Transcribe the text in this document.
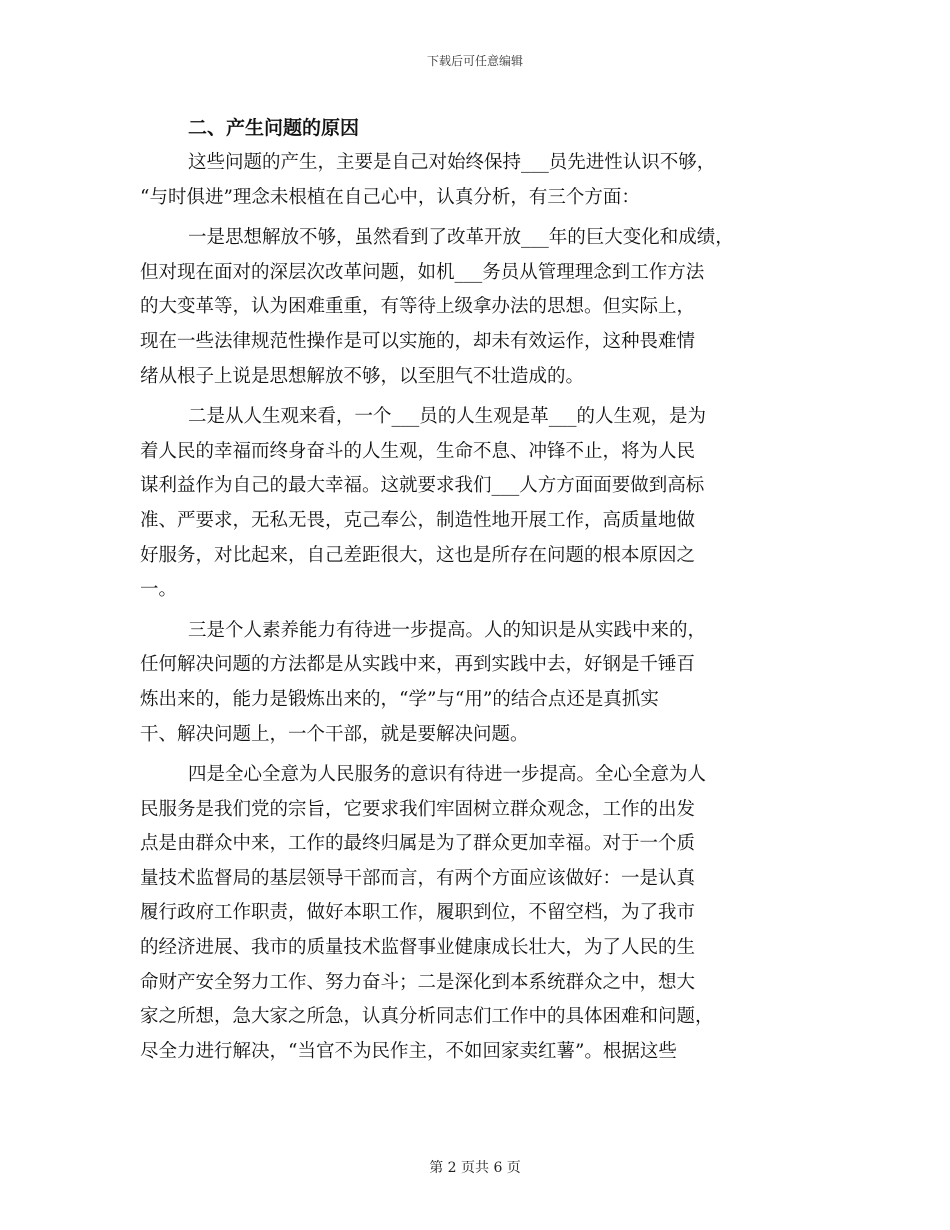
下载后可任意编辑
二、产生问题的原因
这些问题的产生，主要是自己对始终保持___员先进性认识不够，
“与时俱进”理念未根植在自己心中，认真分析，有三个方面：
一是思想解放不够，虽然看到了改革开放___年的巨大变化和成绩，
但对现在面对的深层次改革问题，如机___务员从管理理念到工作方法
的大变革等，认为困难重重，有等待上级拿办法的思想。但实际上，
现在一些法律规范性操作是可以实施的，却未有效运作，这种畏难情
绪从根子上说是思想解放不够，以至胆气不壮造成的。
二是从人生观来看，一个___员的人生观是革___的人生观，是为
着人民的幸福而终身奋斗的人生观，生命不息、冲锋不止，将为人民
谋利益作为自己的最大幸福。这就要求我们___人方方面面要做到高标
准、严要求，无私无畏，克己奉公，制造性地开展工作，高质量地做
好服务，对比起来，自己差距很大，这也是所存在问题的根本原因之
一。
三是个人素养能力有待进一步提高。人的知识是从实践中来的，
任何解决问题的方法都是从实践中来，再到实践中去，好钢是千锤百
炼出来的，能力是锻炼出来的，“学”与“用”的结合点还是真抓实
干、解决问题上，一个干部，就是要解决问题。
四是全心全意为人民服务的意识有待进一步提高。全心全意为人
民服务是我们党的宗旨，它要求我们牢固树立群众观念，工作的出发
点是由群众中来，工作的最终归属是为了群众更加幸福。对于一个质
量技术监督局的基层领导干部而言，有两个方面应该做好：一是认真
履行政府工作职责，做好本职工作，履职到位，不留空档，为了我市
的经济进展、我市的质量技术监督事业健康成长壮大，为了人民的生
命财产安全努力工作、努力奋斗；二是深化到本系统群众之中，想大
家之所想，急大家之所急，认真分析同志们工作中的具体困难和问题，
尽全力进行解决，“当官不为民作主，不如回家卖红薯”。根据这些
第 2 页共 6 页
